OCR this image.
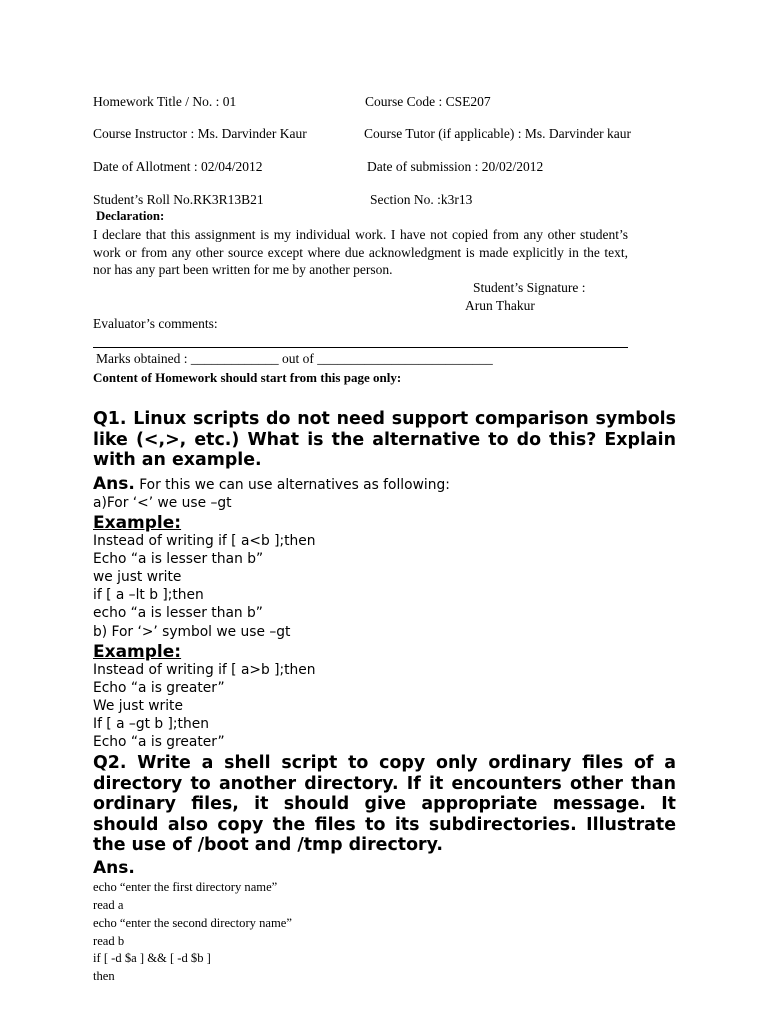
Homework Title / No. : 01	Course Code : CSE207
Course Instructor : Ms. Darvinder Kaur	Course Tutor (if applicable) : Ms. Darvinder kaur
Date of Allotment : 02/04/2012	Date of submission : 20/02/2012
Student’s Roll No.RK3R13B21	Section No. :k3r13
Declaration:
I declare that this assignment is my individual work. I have not copied from any other student’s work or from any other source except where due acknowledgment is made explicitly in the text, nor has any part been written for me by another person.
Student’s Signature :
Arun Thakur
Evaluator’s comments:
Marks obtained : _____________ out of __________________________
Content of Homework should start from this page only:
Q1. Linux scripts do not need support comparison symbols like (<,>, etc.) What is the alternative to do this? Explain with an example.
Ans. For this we can use alternatives as following:
a)For ‘<’ we use –gt
Example:
Instead of writing if [ a<b ];then
Echo “a is lesser than b”
we just write
if [ a –lt b ];then
echo “a is lesser than b”
b) For ‘>’ symbol we use –gt
Example:
Instead of writing if [ a>b ];then
Echo “a is greater”
We just write
If [ a –gt b ];then
Echo “a is greater”
Q2. Write a shell script to copy only ordinary files of a directory to another directory. If it encounters other than ordinary files, it should give appropriate message. It should also copy the files to its subdirectories. Illustrate the use of /boot and /tmp directory.
Ans.
echo “enter the first directory name”
read a
echo “enter the second directory name”
read b
if [ -d $a ] && [ -d $b ]
then
